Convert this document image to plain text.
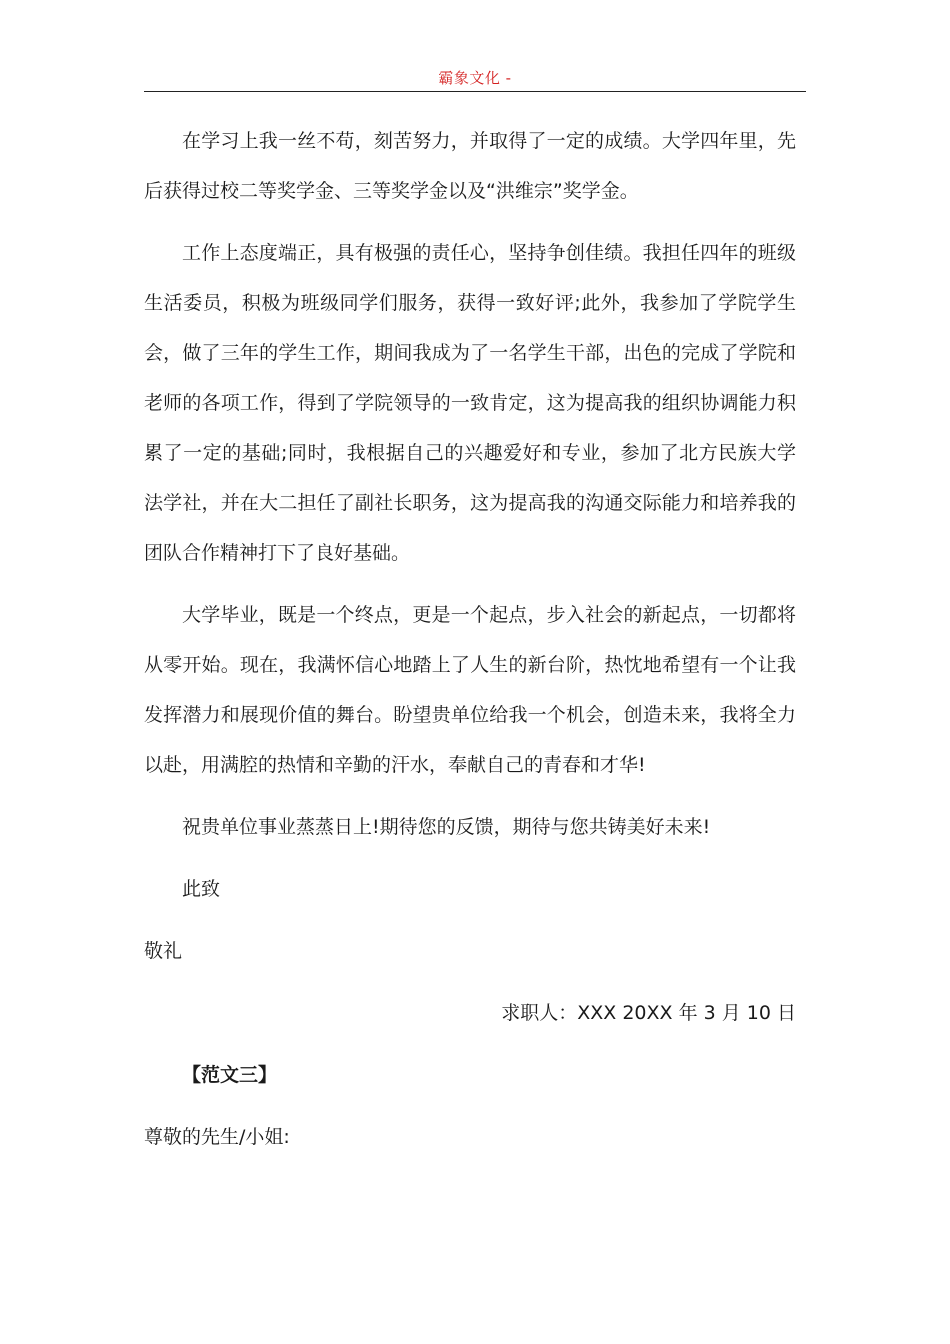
霸象文化 -

在学习上我一丝不苟，刻苦努力，并取得了一定的成绩。大学四年里，先后获得过校二等奖学金、三等奖学金以及“洪维宗”奖学金。

工作上态度端正，具有极强的责任心，坚持争创佳绩。我担任四年的班级生活委员，积极为班级同学们服务，获得一致好评;此外，我参加了学院学生会，做了三年的学生工作，期间我成为了一名学生干部，出色的完成了学院和老师的各项工作，得到了学院领导的一致肯定，这为提高我的组织协调能力积累了一定的基础;同时，我根据自己的兴趣爱好和专业，参加了北方民族大学法学社，并在大二担任了副社长职务，这为提高我的沟通交际能力和培养我的团队合作精神打下了良好基础。

大学毕业，既是一个终点，更是一个起点，步入社会的新起点，一切都将从零开始。现在，我满怀信心地踏上了人生的新台阶，热忱地希望有一个让我发挥潜力和展现价值的舞台。盼望贵单位给我一个机会，创造未来，我将全力以赴，用满腔的热情和辛勤的汗水，奉献自己的青春和才华!

祝贵单位事业蒸蒸日上!期待您的反馈，期待与您共铸美好未来!

此致

敬礼

求职人：XXX 20XX 年 3 月 10 日

【范文三】

尊敬的先生/小姐:
